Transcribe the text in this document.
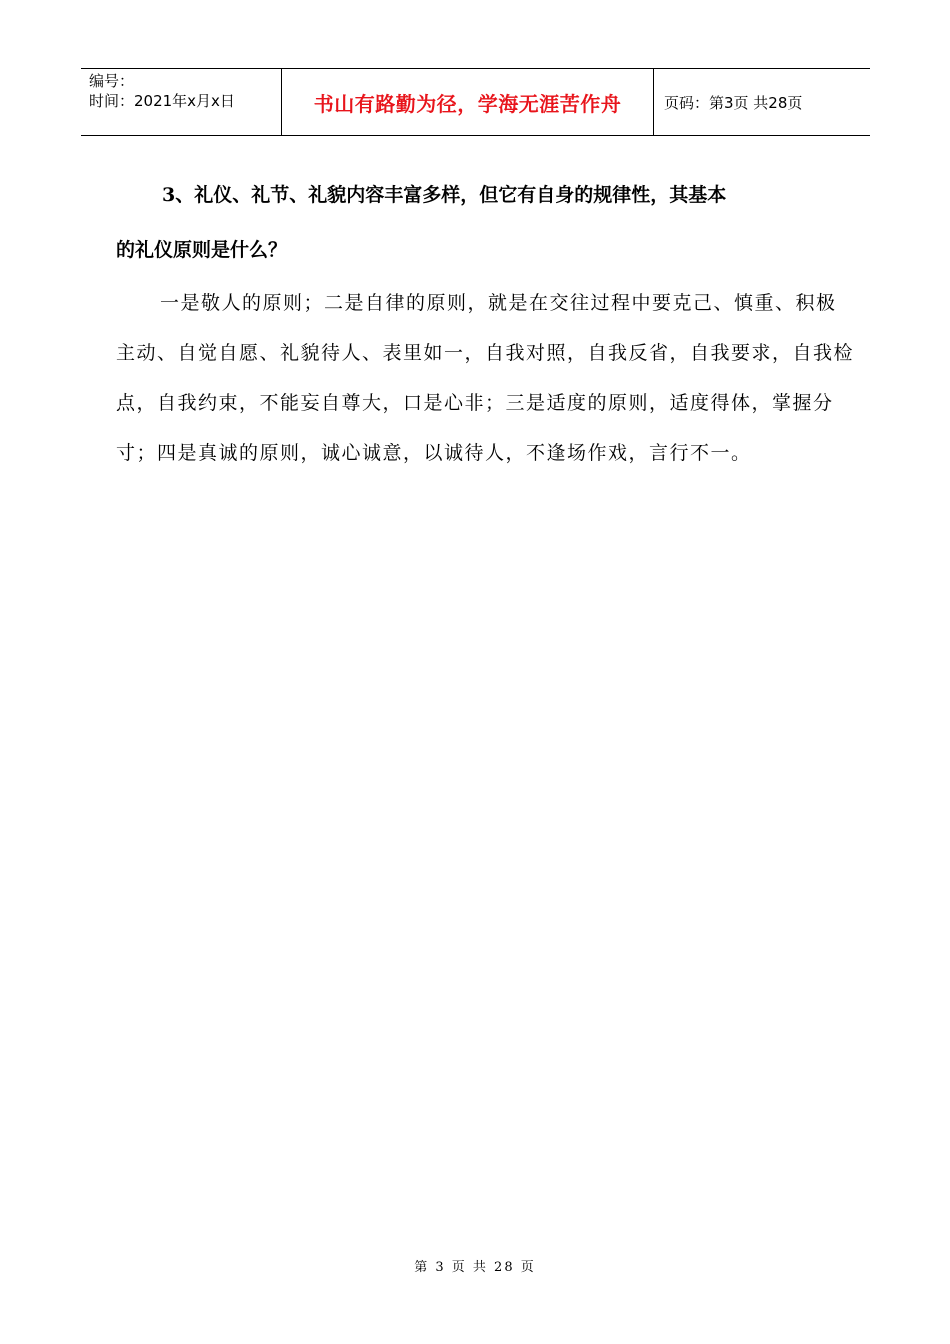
编号：
时间：2021年x月x日	书山有路勤为径，学海无涯苦作舟	页码：第3页 共28页
3、礼仪、礼节、礼貌内容丰富多样，但它有自身的规律性，其基本
的礼仪原则是什么？
一是敬人的原则；二是自律的原则，就是在交往过程中要克己、慎重、积极主动、自觉自愿、礼貌待人、表里如一，自我对照，自我反省，自我要求，自我检点，自我约束，不能妄自尊大，口是心非；三是适度的原则，适度得体，掌握分寸；四是真诚的原则，诚心诚意，以诚待人，不逢场作戏，言行不一。
第 3 页 共 28 页
